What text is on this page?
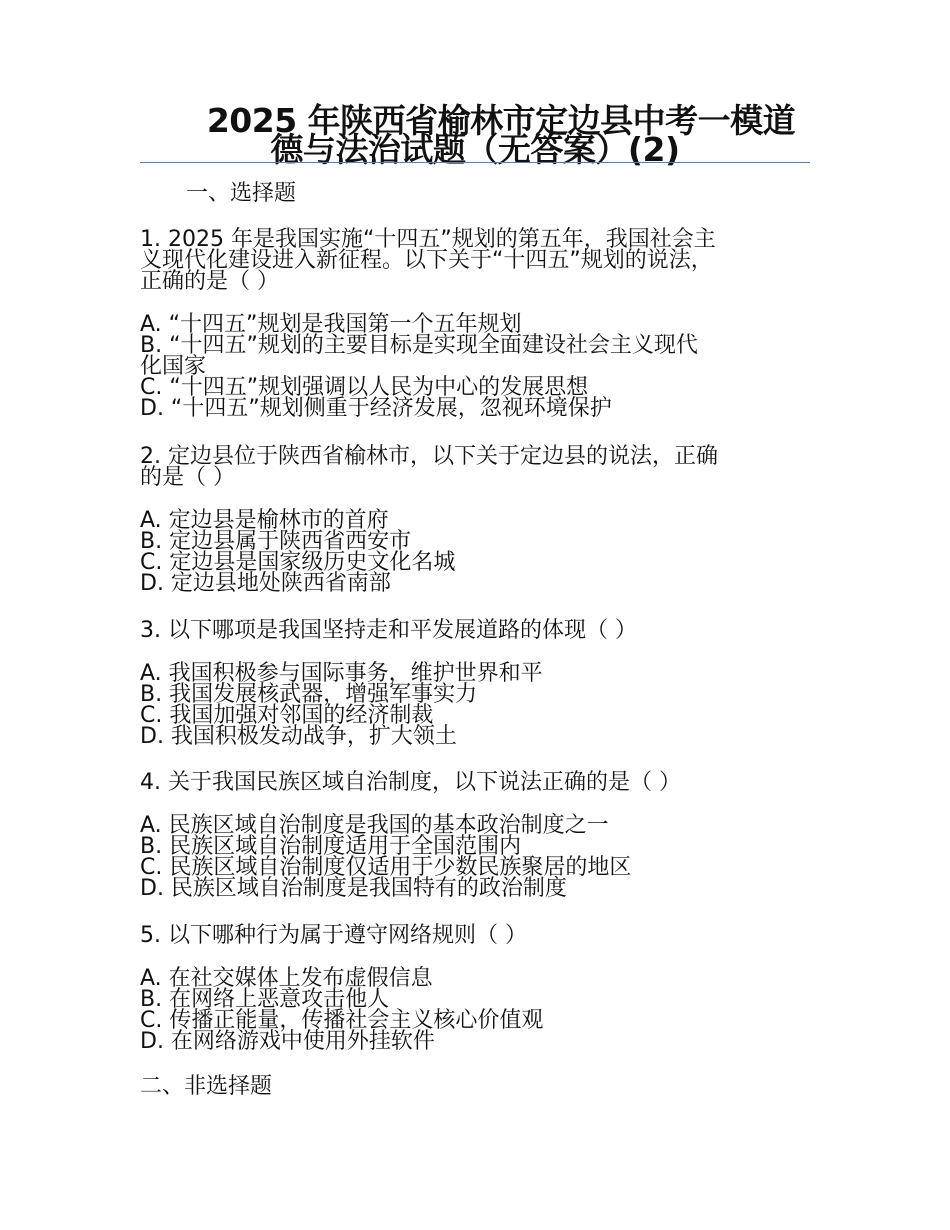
2025 年陕西省榆林市定边县中考一模道
德与法治试题（无答案）(2)
一、选择题
1. 2025 年是我国实施“十四五”规划的第五年，我国社会主
义现代化建设进入新征程。以下关于“十四五”规划的说法，
正确的是（ ）
A. “十四五”规划是我国第一个五年规划
B. “十四五”规划的主要目标是实现全面建设社会主义现代
化国家
C. “十四五”规划强调以人民为中心的发展思想
D. “十四五”规划侧重于经济发展，忽视环境保护
2. 定边县位于陕西省榆林市，以下关于定边县的说法，正确
的是（ ）
A. 定边县是榆林市的首府
B. 定边县属于陕西省西安市
C. 定边县是国家级历史文化名城
D. 定边县地处陕西省南部
3. 以下哪项是我国坚持走和平发展道路的体现（ ）
A. 我国积极参与国际事务，维护世界和平
B. 我国发展核武器，增强军事实力
C. 我国加强对邻国的经济制裁
D. 我国积极发动战争，扩大领土
4. 关于我国民族区域自治制度，以下说法正确的是（ ）
A. 民族区域自治制度是我国的基本政治制度之一
B. 民族区域自治制度适用于全国范围内
C. 民族区域自治制度仅适用于少数民族聚居的地区
D. 民族区域自治制度是我国特有的政治制度
5. 以下哪种行为属于遵守网络规则（ ）
A. 在社交媒体上发布虚假信息
B. 在网络上恶意攻击他人
C. 传播正能量，传播社会主义核心价值观
D. 在网络游戏中使用外挂软件
二、非选择题
